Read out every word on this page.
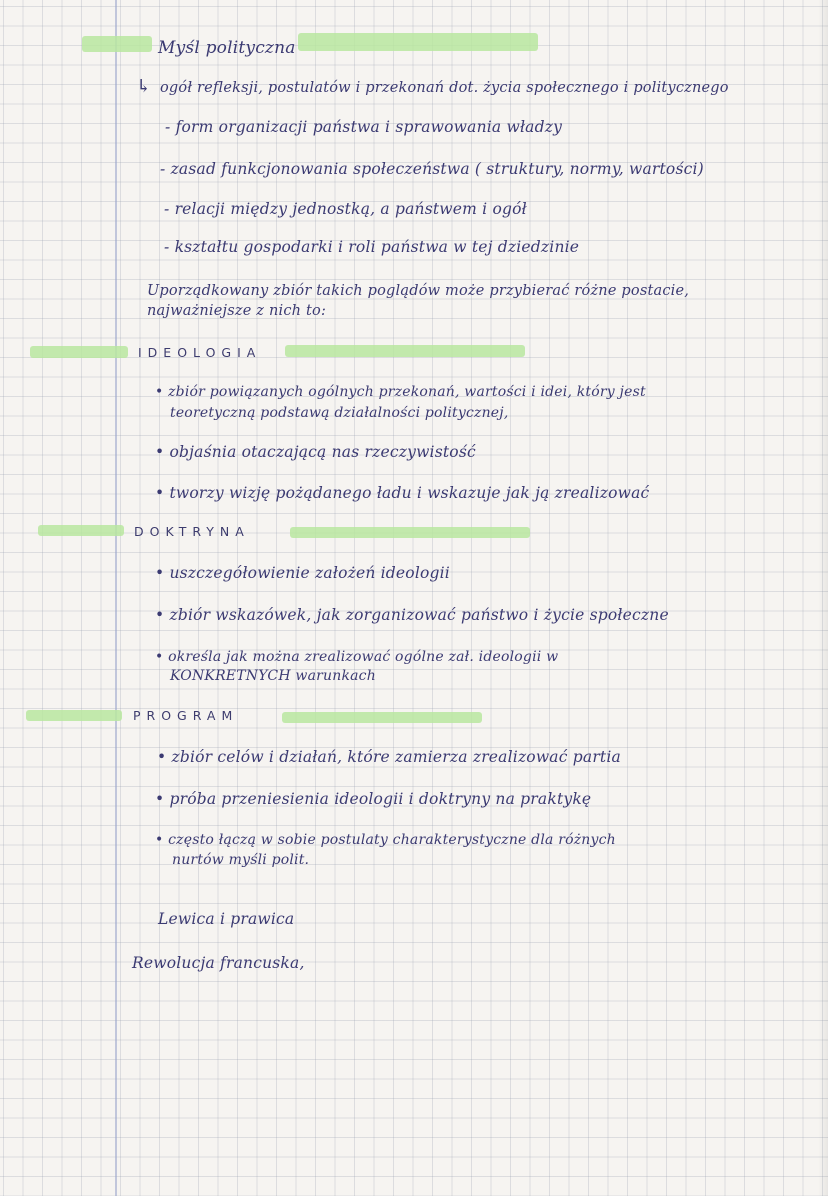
Myśl polityczna

↳ ogół refleksji, postulatów i przekonań dot. życia społecznego i politycznego

- form organizacji państwa i sprawowania władzy

- zasad funkcjonowania społeczeństwa ( struktury, normy, wartości)

- relacji między jednostką, a państwem i ogół

- kształtu gospodarki i roli państwa w tej dziedzinie

Uporządkowany zbiór takich poglądów może przybierać różne postacie,

najważniejsze z nich to:

IDEOLOGIA

• zbiór powiązanych ogólnych przekonań, wartości i idei, który jest

teoretyczną podstawą działalności politycznej,

• objaśnia otaczającą nas rzeczywistość

• tworzy wizję pożądanego ładu i wskazuje jak ją zrealizować

DOKTRYNA

• uszczegółowienie założeń ideologii

• zbiór wskazówek, jak zorganizować państwo i życie społeczne

• określa jak można zrealizować ogólne zał. ideologii w

KONKRETNYCH warunkach

PROGRAM

• zbiór celów i działań, które zamierza zrealizować partia

• próba przeniesienia ideologii i doktryny na praktykę

• często łączą w sobie postulaty charakterystyczne dla różnych

nurtów myśli polit.

Lewica i prawica

Rewolucja francuska,
